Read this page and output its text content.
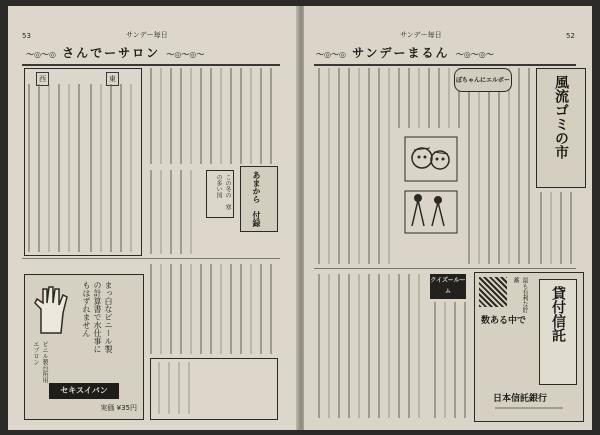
53	サンデー毎日
〜◎〜◎ さんでーサロン 〜◎〜◎〜
西	東
あまから　付録
この冬の　寒の多い国
まっ白なビニール製の計算書で水仕事にもはずれません
ビニル製台所用エプロン
セキスイバン
実価 ¥35円
サンデー毎日	52
〜◎〜◎ サンデーまるん 〜◎〜◎〜
ぼちゃんにエルボー	風流ゴミの市
クイズールーム	最も有利な貯蓄
数ある中で 貸付信託
日本信託銀行
